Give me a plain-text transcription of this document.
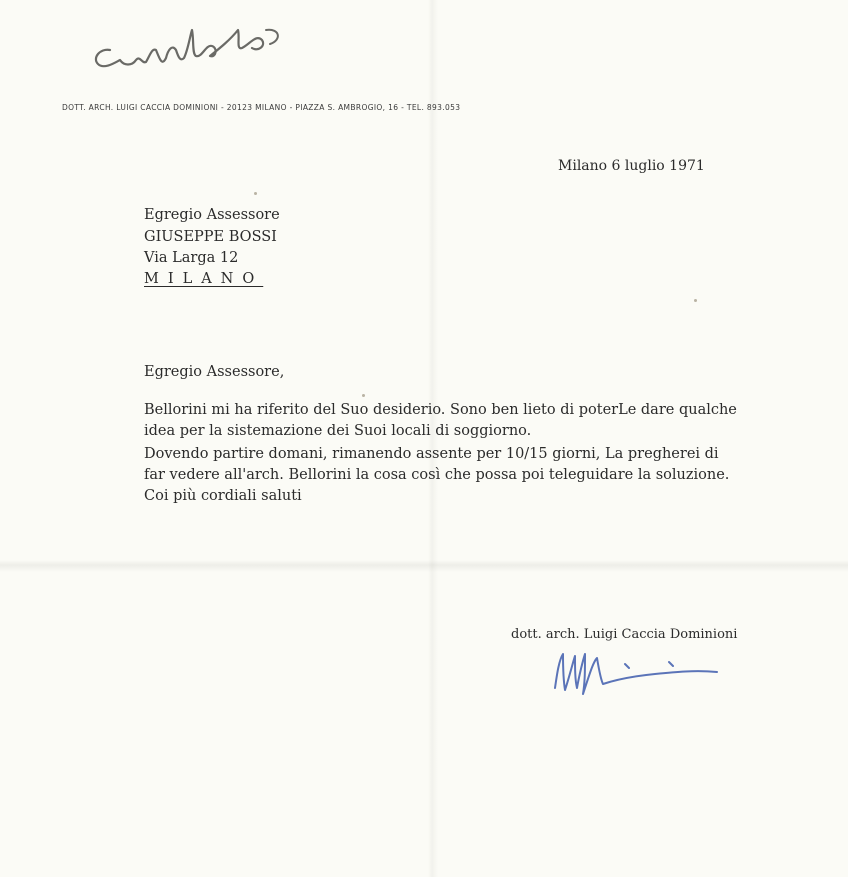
DOTT. ARCH. LUIGI CACCIA DOMINIONI - 20123 MILANO - PIAZZA S. AMBROGIO, 16 - TEL. 893.053
Milano 6 luglio 1971
Egregio Assessore
GIUSEPPE BOSSI
Via Larga 12
MILANO
Egregio Assessore,
Bellorini mi ha riferito del Suo desiderio. Sono ben lieto di poterLe dare qualche
idea per la sistemazione dei Suoi locali di soggiorno.
Dovendo partire domani, rimanendo assente per 10/15 giorni, La pregherei di
far vedere all'arch. Bellorini la cosa così che possa poi teleguidare la soluzione.
Coi più cordiali saluti
dott. arch. Luigi Caccia Dominioni
